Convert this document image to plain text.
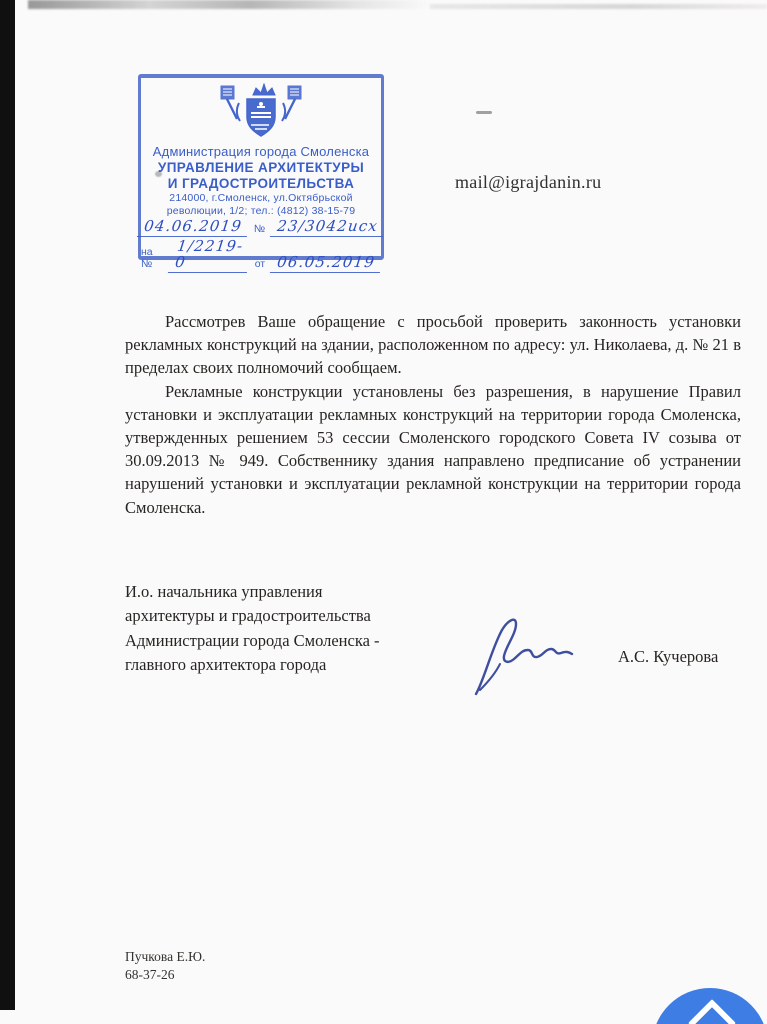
Администрация города Смоленска
УПРАВЛЕНИЕ АРХИТЕКТУРЫ
И ГРАДОСТРОИТЕЛЬСТВА
214000, г.Смоленск, ул.Октябрьской
революции, 1/2; тел.: (4812) 38-15-79
04.06.2019	№ 23/3042исх
на №
1/2219-0	от 06.05.2019
mail@igrajdanin.ru

Рассмотрев Ваше обращение с просьбой проверить законность установки рекламных конструкций на здании, расположенном по адресу: ул. Николаева, д. № 21 в пределах своих полномочий сообщаем.

Рекламные конструкции установлены без разрешения, в нарушение Правил установки и эксплуатации рекламных конструкций на территории города Смоленска, утвержденных решением 53 сессии Смоленского городского Совета IV созыва от 30.09.2013 № 949. Собственнику здания направлено предписание об устранении нарушений установки и эксплуатации рекламной конструкции на территории города Смоленска.

И.о. начальника управления
архитектуры и градостроительства
Администрации города Смоленска -
главного архитектора города	А.С. Кучерова
Пучкова Е.Ю.
68-37-26
